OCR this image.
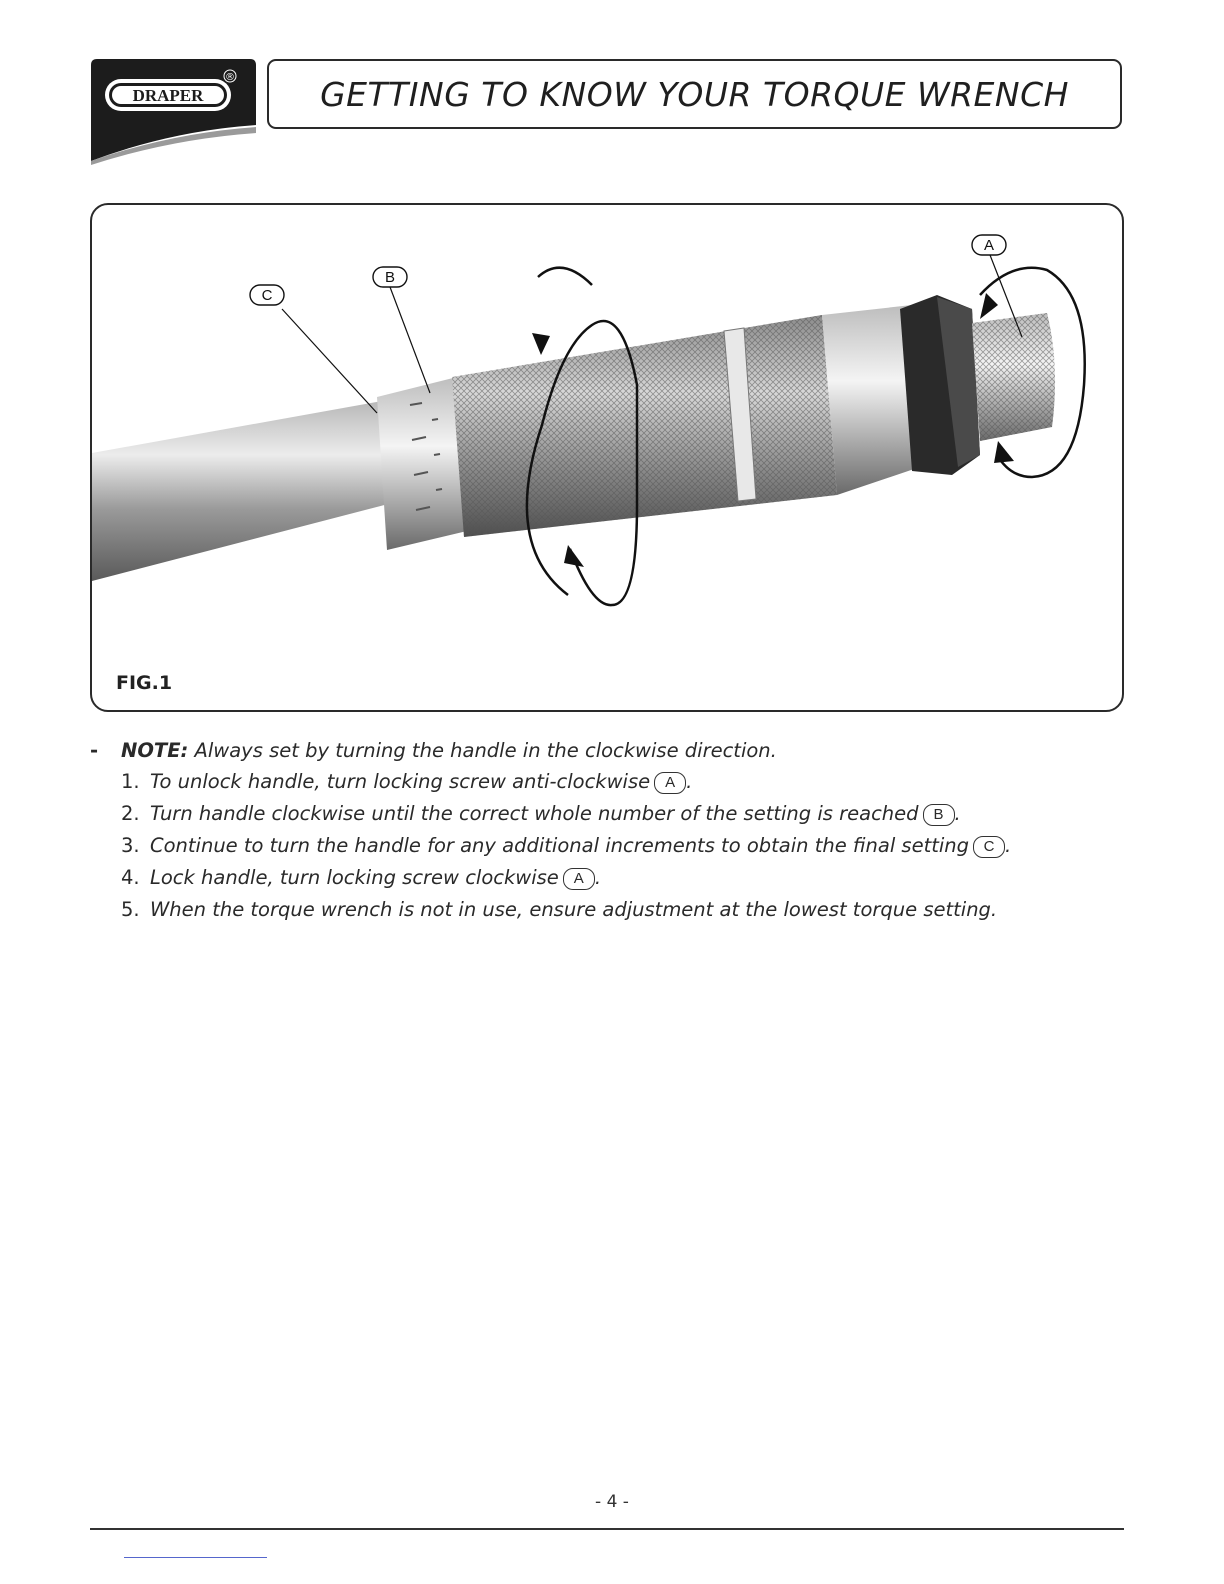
DRAPER
®	GETTING TO KNOW YOUR TORQUE WRENCH
A
B
C
FIG.1
- NOTE: Always set by turning the handle in the clockwise direction.
1. To unlock handle, turn locking screw anti-clockwise A .
2. Turn handle clockwise until the correct whole number of the setting is reached B .
3. Continue to turn the handle for any additional increments to obtain the final setting C .
4. Lock handle, turn locking screw clockwise A .
5. When the torque wrench is not in use, ensure adjustment at the lowest torque setting.
- 4 -
